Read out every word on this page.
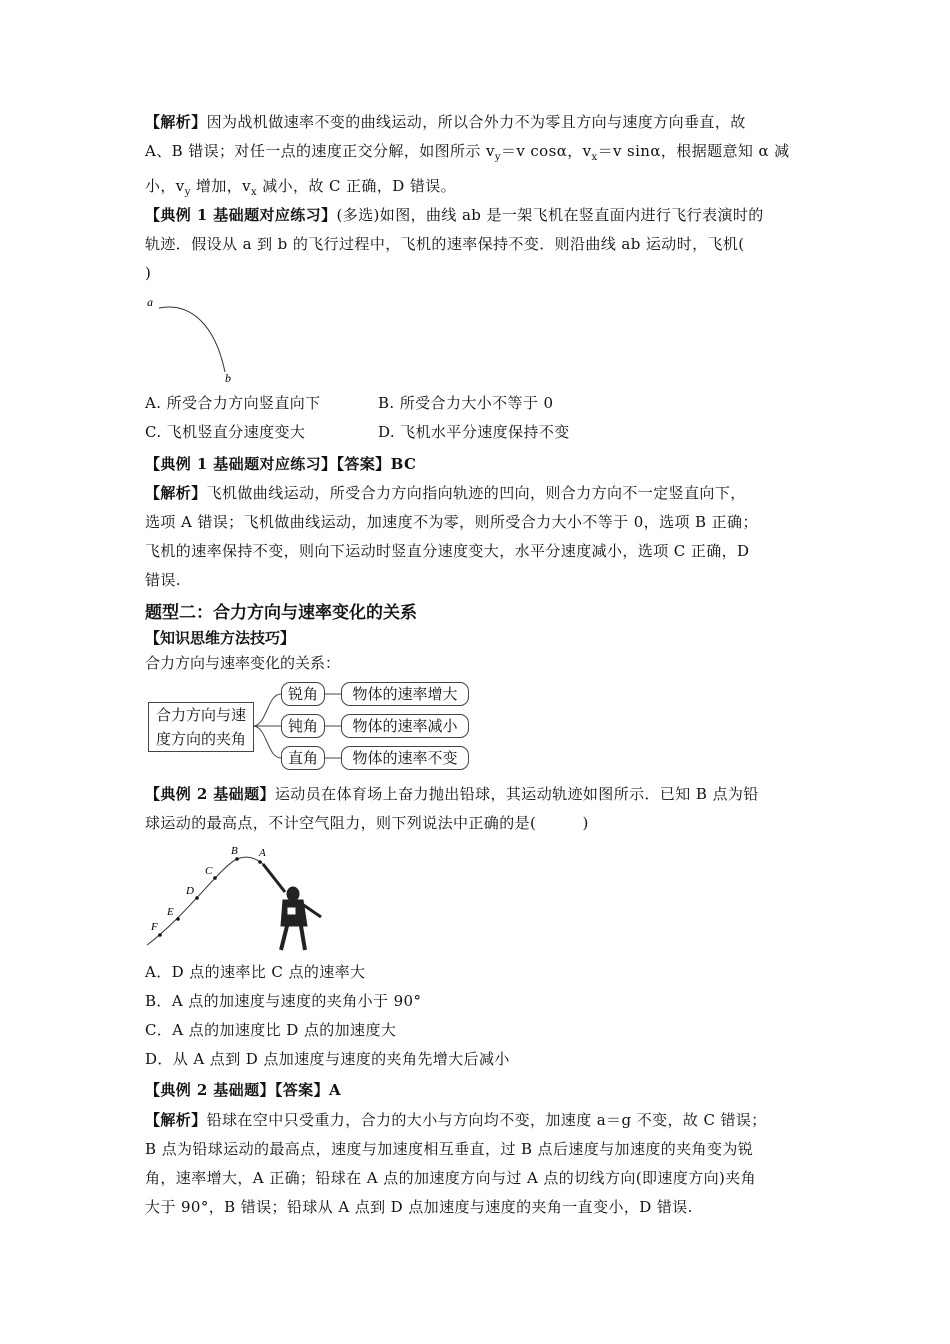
【解析】因为战机做速率不变的曲线运动，所以合外力不为零且方向与速度方向垂直，故

A、B 错误；对任一点的速度正交分解，如图所示 $v_y=v$ cosα，$v_x=v$ sinα，根据题意知 α 减

小，$v_y$ 增加，$v_x$ 减小，故 C 正确，D 错误。

【典例 1 基础题对应练习】(多选)如图，曲线 ab 是一架飞机在竖直面内进行飞行表演时的

轨迹．假设从 a 到 b 的飞行过程中，飞机的速率保持不变．则沿曲线 ab 运动时，飞机(

)

a
b
A. 所受合力方向竖直向下	B. 所受合力大小不等于 0
C. 飞机竖直分速度变大	D. 飞机水平分速度保持不变
【典例 1 基础题对应练习】【答案】BC

【解析】飞机做曲线运动，所受合力方向指向轨迹的凹向，则合力方向不一定竖直向下，

选项 A 错误；飞机做曲线运动，加速度不为零，则所受合力大小不等于 0，选项 B 正确；

飞机的速率保持不变，则向下运动时竖直分速度变大，水平分速度减小，选项 C 正确，D

错误.

题型二：合力方向与速率变化的关系
【知识思维方法技巧】
合力方向与速率变化的关系：
合力方向与速
度方向的夹角
锐角
钝角
直角
物体的速率增大
物体的速率减小
物体的速率不变

【典例 2 基础题】运动员在体育场上奋力抛出铅球，其运动轨迹如图所示．已知 B 点为铅

球运动的最高点，不计空气阻力，则下列说法中正确的是(　　　)

F
E
D
C
B A

A．D 点的速率比 C 点的速率大

B．A 点的加速度与速度的夹角小于 90°

C．A 点的加速度比 D 点的加速度大

D．从 A 点到 D 点加速度与速度的夹角先增大后减小

【典例 2 基础题】【答案】A

【解析】铅球在空中只受重力，合力的大小与方向均不变，加速度 a＝g 不变，故 C 错误；

B 点为铅球运动的最高点，速度与加速度相互垂直，过 B 点后速度与加速度的夹角变为锐

角，速率增大，A 正确；铅球在 A 点的加速度方向与过 A 点的切线方向(即速度方向)夹角

大于 90°，B 错误；铅球从 A 点到 D 点加速度与速度的夹角一直变小，D 错误.
